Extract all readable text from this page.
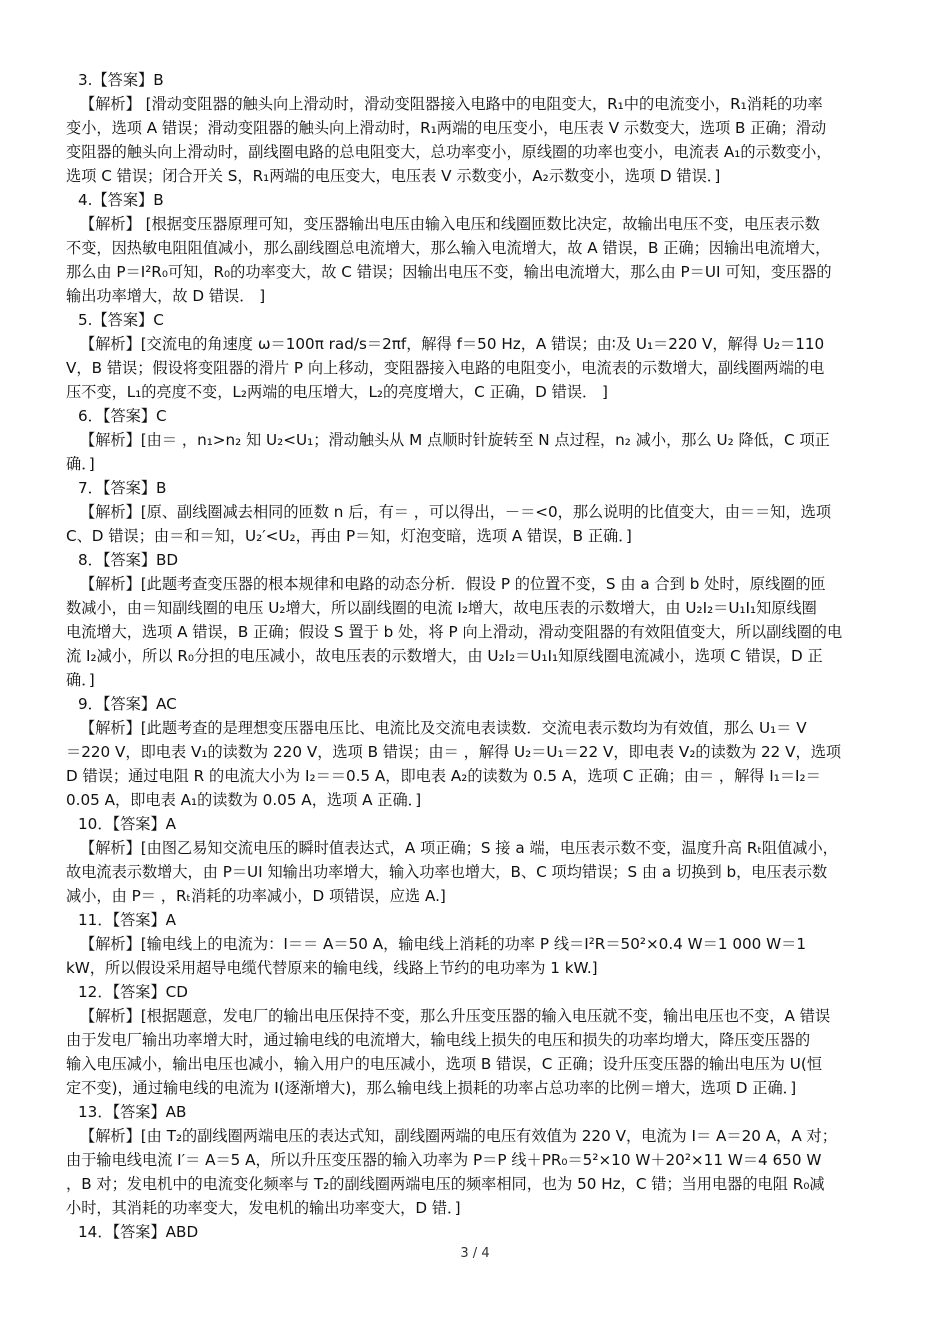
3.【答案】B
【解析】 [滑动变阻器的触头向上滑动时，滑动变阻器接入电路中的电阻变大，R₁中的电流变小，R₁消耗的功率
变小，选项 A 错误；滑动变阻器的触头向上滑动时，R₁两端的电压变小，电压表 V 示数变大，选项 B 正确；滑动
变阻器的触头向上滑动时，副线圈电路的总电阻变大，总功率变小，原线圈的功率也变小，电流表 A₁的示数变小，
选项 C 错误；闭合开关 S，R₁两端的电压变大，电压表 V 示数变小，A₂示数变小，选项 D 错误．]
4.【答案】B
【解析】 [根据变压器原理可知，变压器输出电压由输入电压和线圈匝数比决定，故输出电压不变，电压表示数
不变，因热敏电阻阻值减小，那么副线圈总电流增大，那么输入电流增大，故 A 错误，B 正确；因输出电流增大，
那么由 P＝I²R₀可知，R₀的功率变大，故 C 错误；因输出电压不变，输出电流增大，那么由 P＝UI 可知，变压器的
输出功率增大，故 D 错误． ]
5.【答案】C
【解析】[交流电的角速度 ω＝100π rad/s＝2πf，解得 f＝50 Hz，A 错误；由∶及 U₁＝220 V，解得 U₂＝110
V，B 错误；假设将变阻器的滑片 P 向上移动，变阻器接入电路的电阻变小，电流表的示数增大，副线圈两端的电
压不变，L₁的亮度不变，L₂两端的电压增大，L₂的亮度增大，C 正确，D 错误． ]
6．【答案】C
【解析】[由＝ ，n₁>n₂ 知 U₂<U₁；滑动触头从 M 点顺时针旋转至 N 点过程，n₂ 减小，那么 U₂ 降低，C 项正
确．]
7．【答案】B
【解析】[原、副线圈减去相同的匝数 n 后，有＝ ，可以得出，－＝<0，那么说明的比值变大，由＝＝知，选项
C、D 错误；由＝和＝知，U₂′<U₂，再由 P＝知，灯泡变暗，选项 A 错误，B 正确．]
8．【答案】BD
【解析】[此题考查变压器的根本规律和电路的动态分析．假设 P 的位置不变，S 由 a 合到 b 处时，原线圈的匝
数减小，由＝知副线圈的电压 U₂增大，所以副线圈的电流 I₂增大，故电压表的示数增大，由 U₂I₂＝U₁I₁知原线圈
电流增大，选项 A 错误，B 正确；假设 S 置于 b 处，将 P 向上滑动，滑动变阻器的有效阻值变大，所以副线圈的电
流 I₂减小，所以 R₀分担的电压减小，故电压表的示数增大，由 U₂I₂＝U₁I₁知原线圈电流减小，选项 C 错误，D 正
确．]
9．【答案】AC
【解析】[此题考查的是理想变压器电压比、电流比及交流电表读数．交流电表示数均为有效值，那么 U₁＝ V
＝220 V，即电表 V₁的读数为 220 V，选项 B 错误；由＝ ，解得 U₂＝U₁＝22 V，即电表 V₂的读数为 22 V，选项
D 错误；通过电阻 R 的电流大小为 I₂＝＝0.5 A，即电表 A₂的读数为 0.5 A，选项 C 正确；由＝ ，解得 I₁＝I₂＝
0.05 A，即电表 A₁的读数为 0.05 A，选项 A 正确．]
10．【答案】A
【解析】[由图乙易知交流电压的瞬时值表达式，A 项正确；S 接 a 端，电压表示数不变，温度升高 Rₜ阻值减小，
故电流表示数增大，由 P＝UI 知输出功率增大，输入功率也增大，B、C 项均错误；S 由 a 切换到 b，电压表示数
减小，由 P＝ ，Rₜ消耗的功率减小，D 项错误，应选 A.]
11．【答案】A
【解析】[输电线上的电流为：I＝＝ A＝50 A，输电线上消耗的功率 P 线＝I²R＝50²×0.4 W＝1 000 W＝1
kW，所以假设采用超导电缆代替原来的输电线，线路上节约的电功率为 1 kW.]
12．【答案】CD
【解析】[根据题意，发电厂的输出电压保持不变，那么升压变压器的输入电压就不变，输出电压也不变，A 错误
由于发电厂输出功率增大时，通过输电线的电流增大，输电线上损失的电压和损失的功率均增大，降压变压器的
输入电压减小，输出电压也减小，输入用户的电压减小，选项 B 错误，C 正确；设升压变压器的输出电压为 U(恒
定不变)，通过输电线的电流为 I(逐渐增大)，那么输电线上损耗的功率占总功率的比例＝增大，选项 D 正确．]
13．【答案】AB
【解析】[由 T₂的副线圈两端电压的表达式知，副线圈两端的电压有效值为 220 V，电流为 I＝ A＝20 A，A 对；
由于输电线电流 I′＝ A＝5 A，所以升压变压器的输入功率为 P＝P 线＋PR₀＝5²×10 W＋20²×11 W＝4 650 W
，B 对；发电机中的电流变化频率与 T₂的副线圈两端电压的频率相同，也为 50 Hz，C 错；当用电器的电阻 R₀减
小时，其消耗的功率变大，发电机的输出功率变大，D 错．]
14．【答案】ABD
3 / 4
